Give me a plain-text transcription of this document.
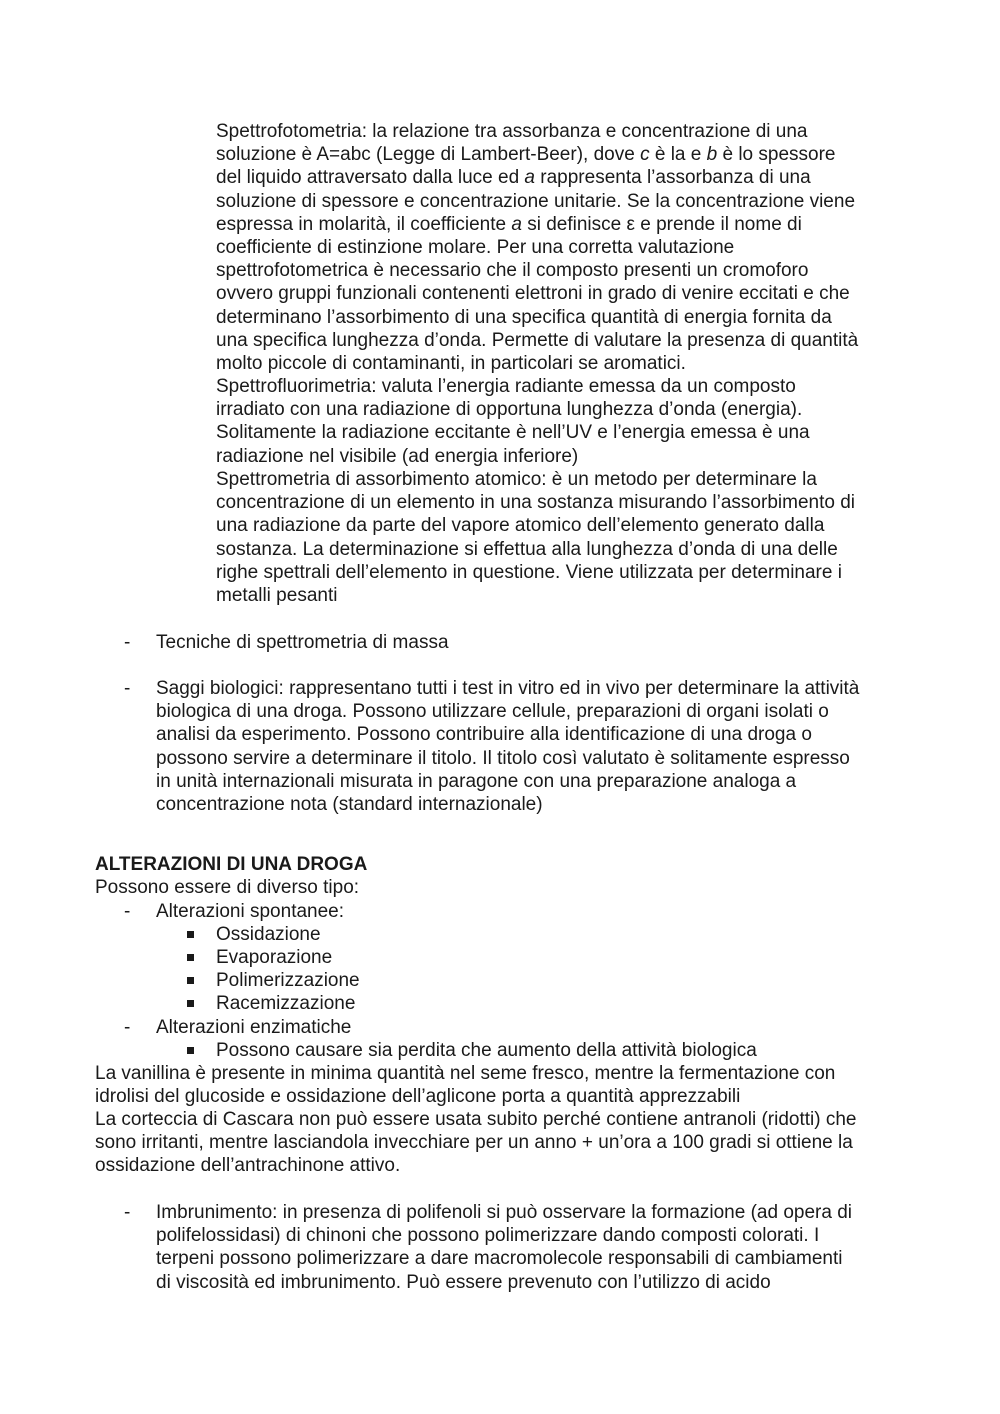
Spettrofotometria: la relazione tra assorbanza e concentrazione di una
soluzione è A=abc (Legge di Lambert-Beer), dove c è la e b è lo spessore
del liquido attraversato dalla luce ed a rappresenta l’assorbanza di una
soluzione di spessore e concentrazione unitarie. Se la concentrazione viene
espressa in molarità, il coefficiente a si definisce ε e prende il nome di
coefficiente di estinzione molare. Per una corretta valutazione
spettrofotometrica è necessario che il composto presenti un cromoforo
ovvero gruppi funzionali contenenti elettroni in grado di venire eccitati e che
determinano l’assorbimento di una specifica quantità di energia fornita da
una specifica lunghezza d’onda. Permette di valutare la presenza di quantità
molto piccole di contaminanti, in particolari se aromatici.
Spettrofluorimetria: valuta l’energia radiante emessa da un composto
irradiato con una radiazione di opportuna lunghezza d’onda (energia).
Solitamente la radiazione eccitante è nell’UV e l’energia emessa è una
radiazione nel visibile (ad energia inferiore)
Spettrometria di assorbimento atomico: è un metodo per determinare la
concentrazione di un elemento in una sostanza misurando l’assorbimento di
una radiazione da parte del vapore atomico dell’elemento generato dalla
sostanza. La determinazione si effettua alla lunghezza d’onda di una delle
righe spettrali dell’elemento in questione. Viene utilizzata per determinare i
metalli pesanti
- Tecniche di spettrometria di massa
- Saggi biologici: rappresentano tutti i test in vitro ed in vivo per determinare la attività
biologica di una droga. Possono utilizzare cellule, preparazioni di organi isolati o
analisi da esperimento. Possono contribuire alla identificazione di una droga o
possono servire a determinare il titolo. Il titolo così valutato è solitamente espresso
in unità internazionali misurata in paragone con una preparazione analoga a
concentrazione nota (standard internazionale)
ALTERAZIONI DI UNA DROGA
Possono essere di diverso tipo:
- Alterazioni spontanee:
Ossidazione
Evaporazione
Polimerizzazione
Racemizzazione
- Alterazioni enzimatiche
Possono causare sia perdita che aumento della attività biologica
La vanillina è presente in minima quantità nel seme fresco, mentre la fermentazione con
idrolisi del glucoside e ossidazione dell’aglicone porta a quantità apprezzabili
La corteccia di Cascara non può essere usata subito perché contiene antranoli (ridotti) che
sono irritanti, mentre lasciandola invecchiare per un anno + un’ora a 100 gradi si ottiene la
ossidazione dell’antrachinone attivo.
- Imbrunimento: in presenza di polifenoli si può osservare la formazione (ad opera di
polifelossidasi) di chinoni che possono polimerizzare dando composti colorati. I
terpeni possono polimerizzare a dare macromolecole responsabili di cambiamenti
di viscosità ed imbrunimento. Può essere prevenuto con l’utilizzo di acido
